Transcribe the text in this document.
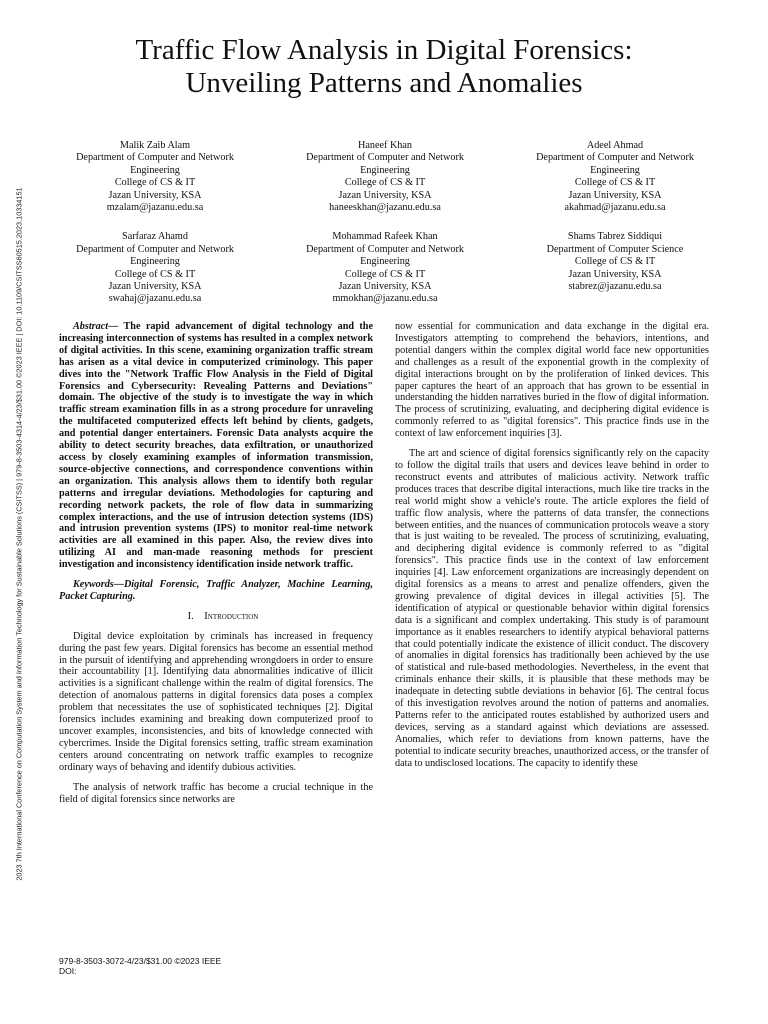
2023 7th International Conference on Computation System and Information Technology for Sustainable Solutions (CSITSS) | 979-8-3503-4314-4/23/$31.00 ©2023 IEEE | DOI: 10.1109/CSITSS60515.2023.10334151
Traffic Flow Analysis in Digital Forensics:
Unveiling Patterns and Anomalies
Malik Zaib Alam
Department of Computer and Network
Engineering
College of CS & IT
Jazan University, KSA
mzalam@jazanu.edu.sa
Haneef Khan
Department of Computer and Network
Engineering
College of CS & IT
Jazan University, KSA
haneeskhan@jazanu.edu.sa
Adeel Ahmad
Department of Computer and Network
Engineering
College of CS & IT
Jazan University, KSA
akahmad@jazanu.edu.sa
Sarfaraz Ahamd
Department of Computer and Network
Engineering
College of CS & IT
Jazan University, KSA
swahaj@jazanu.edu.sa
Mohammad Rafeek Khan
Department of Computer and Network
Engineering
College of CS & IT
Jazan University, KSA
mmokhan@jazanu.edu.sa
Shams Tabrez Siddiqui
Department of Computer Science
College of CS & IT
Jazan University, KSA
stabrez@jazanu.edu.sa

Abstract— The rapid advancement of digital technology and the increasing interconnection of systems has resulted in a complex network of digital activities. In this scene, examining organization traffic stream has arisen as a vital device in computerized criminology. This paper dives into the "Network Traffic Flow Analysis in the Field of Digital Forensics and Cybersecurity: Revealing Patterns and Deviations" domain. The objective of the study is to investigate the way in which traffic stream examination fills in as a strong procedure for unraveling the multifaceted computerized effects left behind by clients, gadgets, and potential danger entertainers. Forensic Data analysts acquire the ability to detect security breaches, data exfiltration, or unauthorized access by closely examining examples of information transmission, source-objective connections, and correspondence conventions within an organization. This analysis allows them to identify both regular patterns and irregular deviations. Methodologies for capturing and recording network packets, the role of flow data in summarizing complex interactions, and the use of intrusion detection systems (IDS) and intrusion prevention systems (IPS) to monitor real-time network activities are all examined in this paper. Also, the review dives into utilizing AI and man-made reasoning methods for prescient investigation and inconsistency identification inside network traffic.

Keywords—Digital Forensic, Traffic Analyzer, Machine Learning, Packet Capturing.

I. Introduction

Digital device exploitation by criminals has increased in frequency during the past few years. Digital forensics has become an essential method in the pursuit of identifying and apprehending wrongdoers in order to ensure their accountability [1]. Identifying data abnormalities indicative of illicit activities is a significant challenge within the realm of digital forensics. The detection of anomalous patterns in digital forensics data poses a complex problem that necessitates the use of sophisticated techniques [2]. Digital forensics includes examining and breaking down computerized proof to uncover examples, inconsistencies, and bits of knowledge connected with cybercrimes. Inside the Digital forensics setting, traffic stream examination centers around concentrating on network traffic examples to recognize ordinary ways of behaving and identify dubious activities.

The analysis of network traffic has become a crucial technique in the field of digital forensics since networks are

now essential for communication and data exchange in the digital era. Investigators attempting to comprehend the behaviors, intentions, and potential dangers within the complex digital world face new opportunities and challenges as a result of the exponential growth in the complexity of digital interactions brought on by the proliferation of linked devices. This paper captures the heart of an approach that has grown to be essential in understanding the hidden narratives buried in the flow of digital information. The process of scrutinizing, evaluating, and deciphering digital evidence is commonly referred to as "digital forensics". This practice finds use in the context of law enforcement inquiries [3].

The art and science of digital forensics significantly rely on the capacity to follow the digital trails that users and devices leave behind in order to reconstruct events and attributes of malicious activity. Network traffic produces traces that describe digital interactions, much like tire tracks in the real world might show a vehicle's route. The article explores the field of traffic flow analysis, where the patterns of data transfer, the connections between entities, and the nuances of communication protocols weave a story that is just waiting to be revealed. The process of scrutinizing, evaluating, and deciphering digital evidence is commonly referred to as "digital forensics". This practice finds use in the context of law enforcement inquiries [4]. Law enforcement organizations are increasingly dependent on digital forensics as a means to arrest and penalize offenders, given the growing prevalence of digital devices in illegal activities [5]. The identification of atypical or questionable behavior within digital forensics data is a significant and complex undertaking. This study is of paramount importance as it enables researchers to identify atypical behavioral patterns that could potentially indicate the existence of illicit conduct. The discovery of anomalies in digital forensics has traditionally been achieved by the use of statistical and rule-based methodologies. Nevertheless, in the event that criminals enhance their skills, it is plausible that these methods may be inadequate in detecting subtle deviations in behavior [6]. The central focus of this investigation revolves around the notion of patterns and anomalies. Patterns refer to the anticipated routes established by authorized users and devices, serving as a standard against which deviations are assessed. Anomalies, which refer to deviations from known patterns, have the potential to indicate security breaches, unauthorized access, or the transfer of data to undisclosed locations. The capacity to identify these

979-8-3503-3072-4/23/$31.00 ©2023 IEEE
DOI:
